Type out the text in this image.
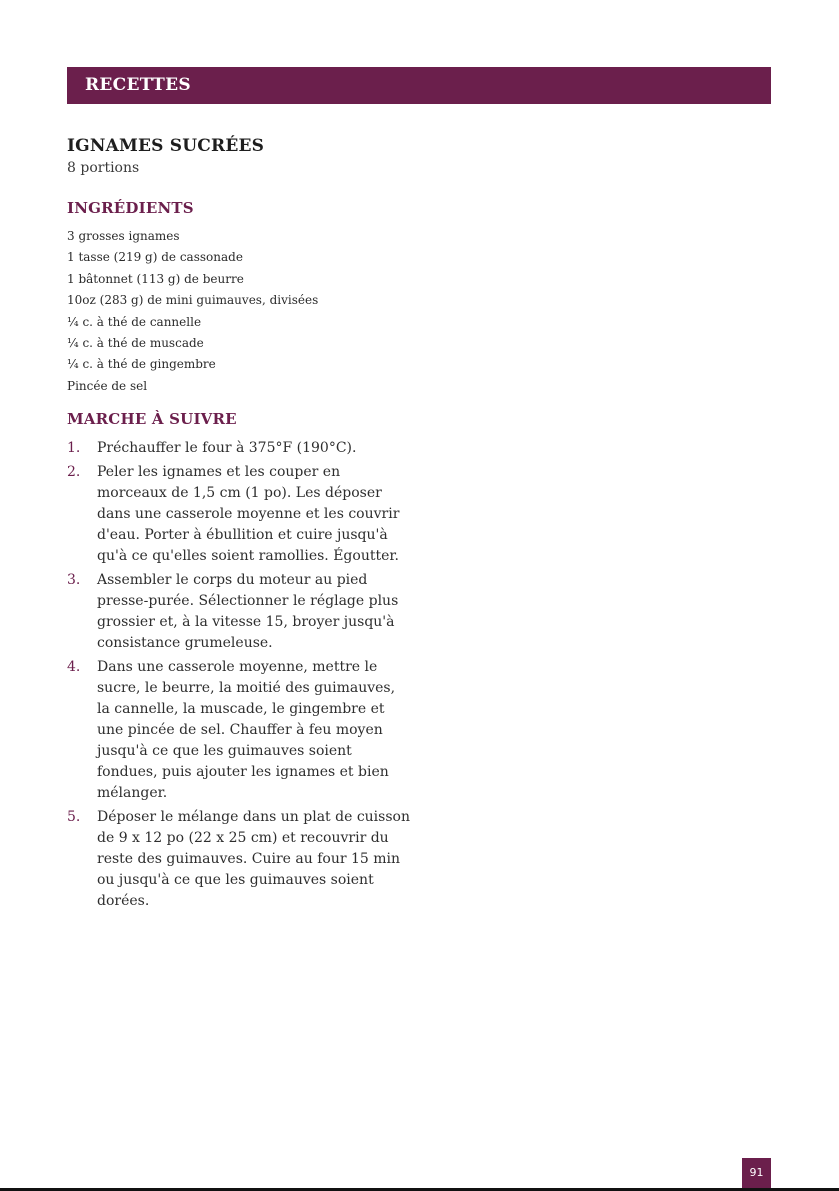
RECETTES
IGNAMES SUCRÉES
8 portions
INGRÉDIENTS
3 grosses ignames
1 tasse (219 g) de cassonade
1 bâtonnet (113 g) de beurre
10oz (283 g) de mini guimauves, divisées
¼ c. à thé de cannelle
¼ c. à thé de muscade
¼ c. à thé de gingembre
Pincée de sel
MARCHE À SUIVRE
1. Préchauffer le four à 375°F (190°C).
2. Peler les ignames et les couper en morceaux de 1,5 cm (1 po). Les déposer dans une casserole moyenne et les couvrir d'eau. Porter à ébullition et cuire jusqu'à qu'à ce qu'elles soient ramollies. Égoutter.
3. Assembler le corps du moteur au pied presse-purée. Sélectionner le réglage plus grossier et, à la vitesse 15, broyer jusqu'à consistance grumeleuse.
4. Dans une casserole moyenne, mettre le sucre, le beurre, la moitié des guimauves, la cannelle, la muscade, le gingembre et une pincée de sel. Chauffer à feu moyen jusqu'à ce que les guimauves soient fondues, puis ajouter les ignames et bien mélanger.
5. Déposer le mélange dans un plat de cuisson de 9 x 12 po (22 x 25 cm) et recouvrir du reste des guimauves. Cuire au four 15 min ou jusqu'à ce que les guimauves soient dorées.
91
